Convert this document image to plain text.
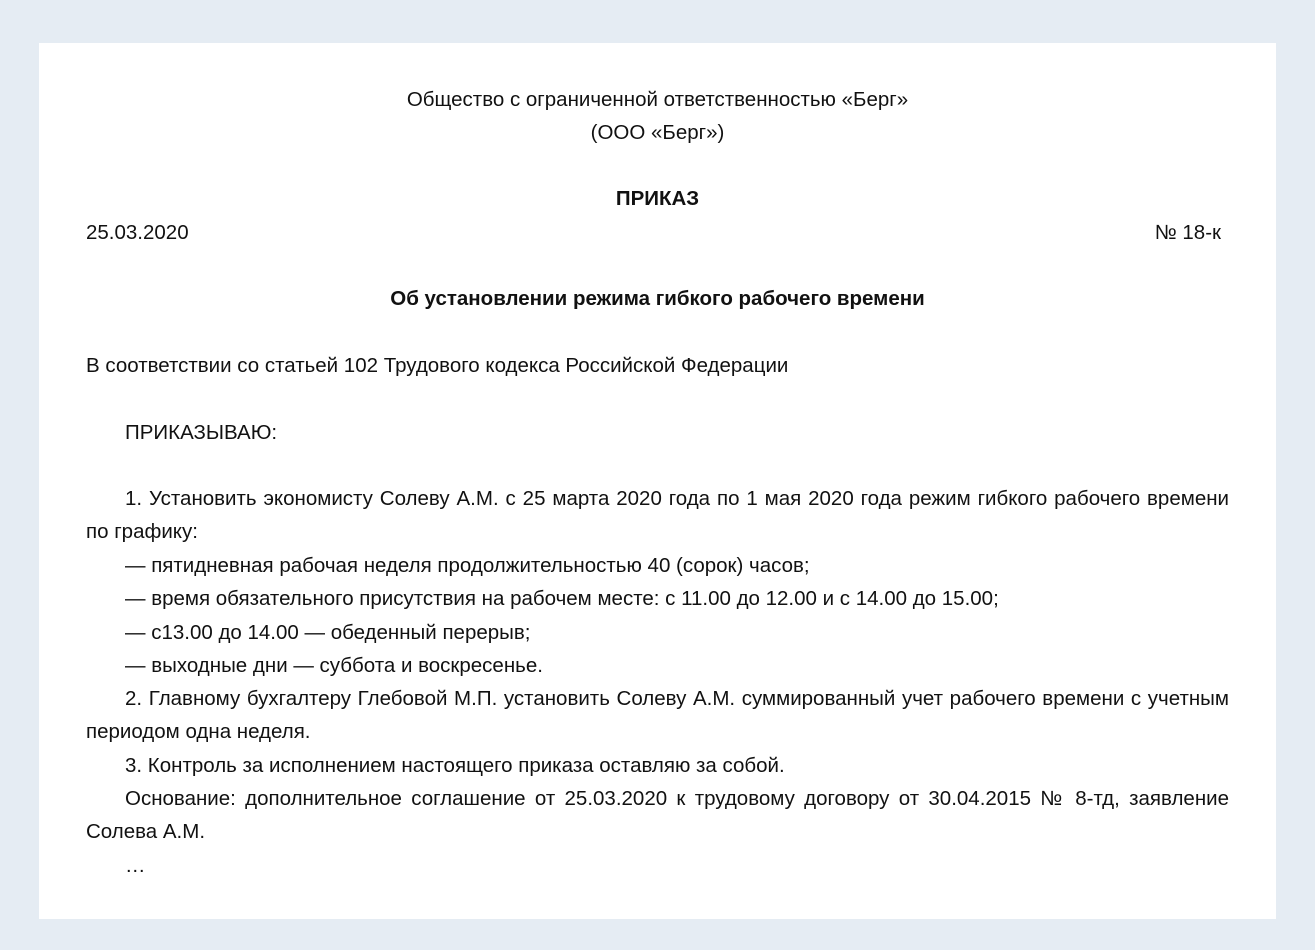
Общество с ограниченной ответственностью «Берг»
(ООО «Берг»)
ПРИКАЗ
25.03.2020	№ 18-к
Об установлении режима гибкого рабочего времени
В соответствии со статьей 102 Трудового кодекса Российской Федерации
ПРИКАЗЫВАЮ:
1. Установить экономисту Солеву А.М. с 25 марта 2020 года по 1 мая 2020 года режим гибкого рабочего времени по графику:
— пятидневная рабочая неделя продолжительностью 40 (сорок) часов;
— время обязательного присутствия на рабочем месте: с 11.00 до 12.00 и с 14.00 до 15.00;
— с13.00 до 14.00 — обеденный перерыв;
— выходные дни — суббота и воскресенье.
2. Главному бухгалтеру Глебовой М.П. установить Солеву А.М. суммированный учет рабочего времени с учетным периодом одна неделя.
3. Контроль за исполнением настоящего приказа оставляю за собой.
Основание: дополнительное соглашение от 25.03.2020 к трудовому договору от 30.04.2015 № 8-тд, заявление Солева А.М.
…
